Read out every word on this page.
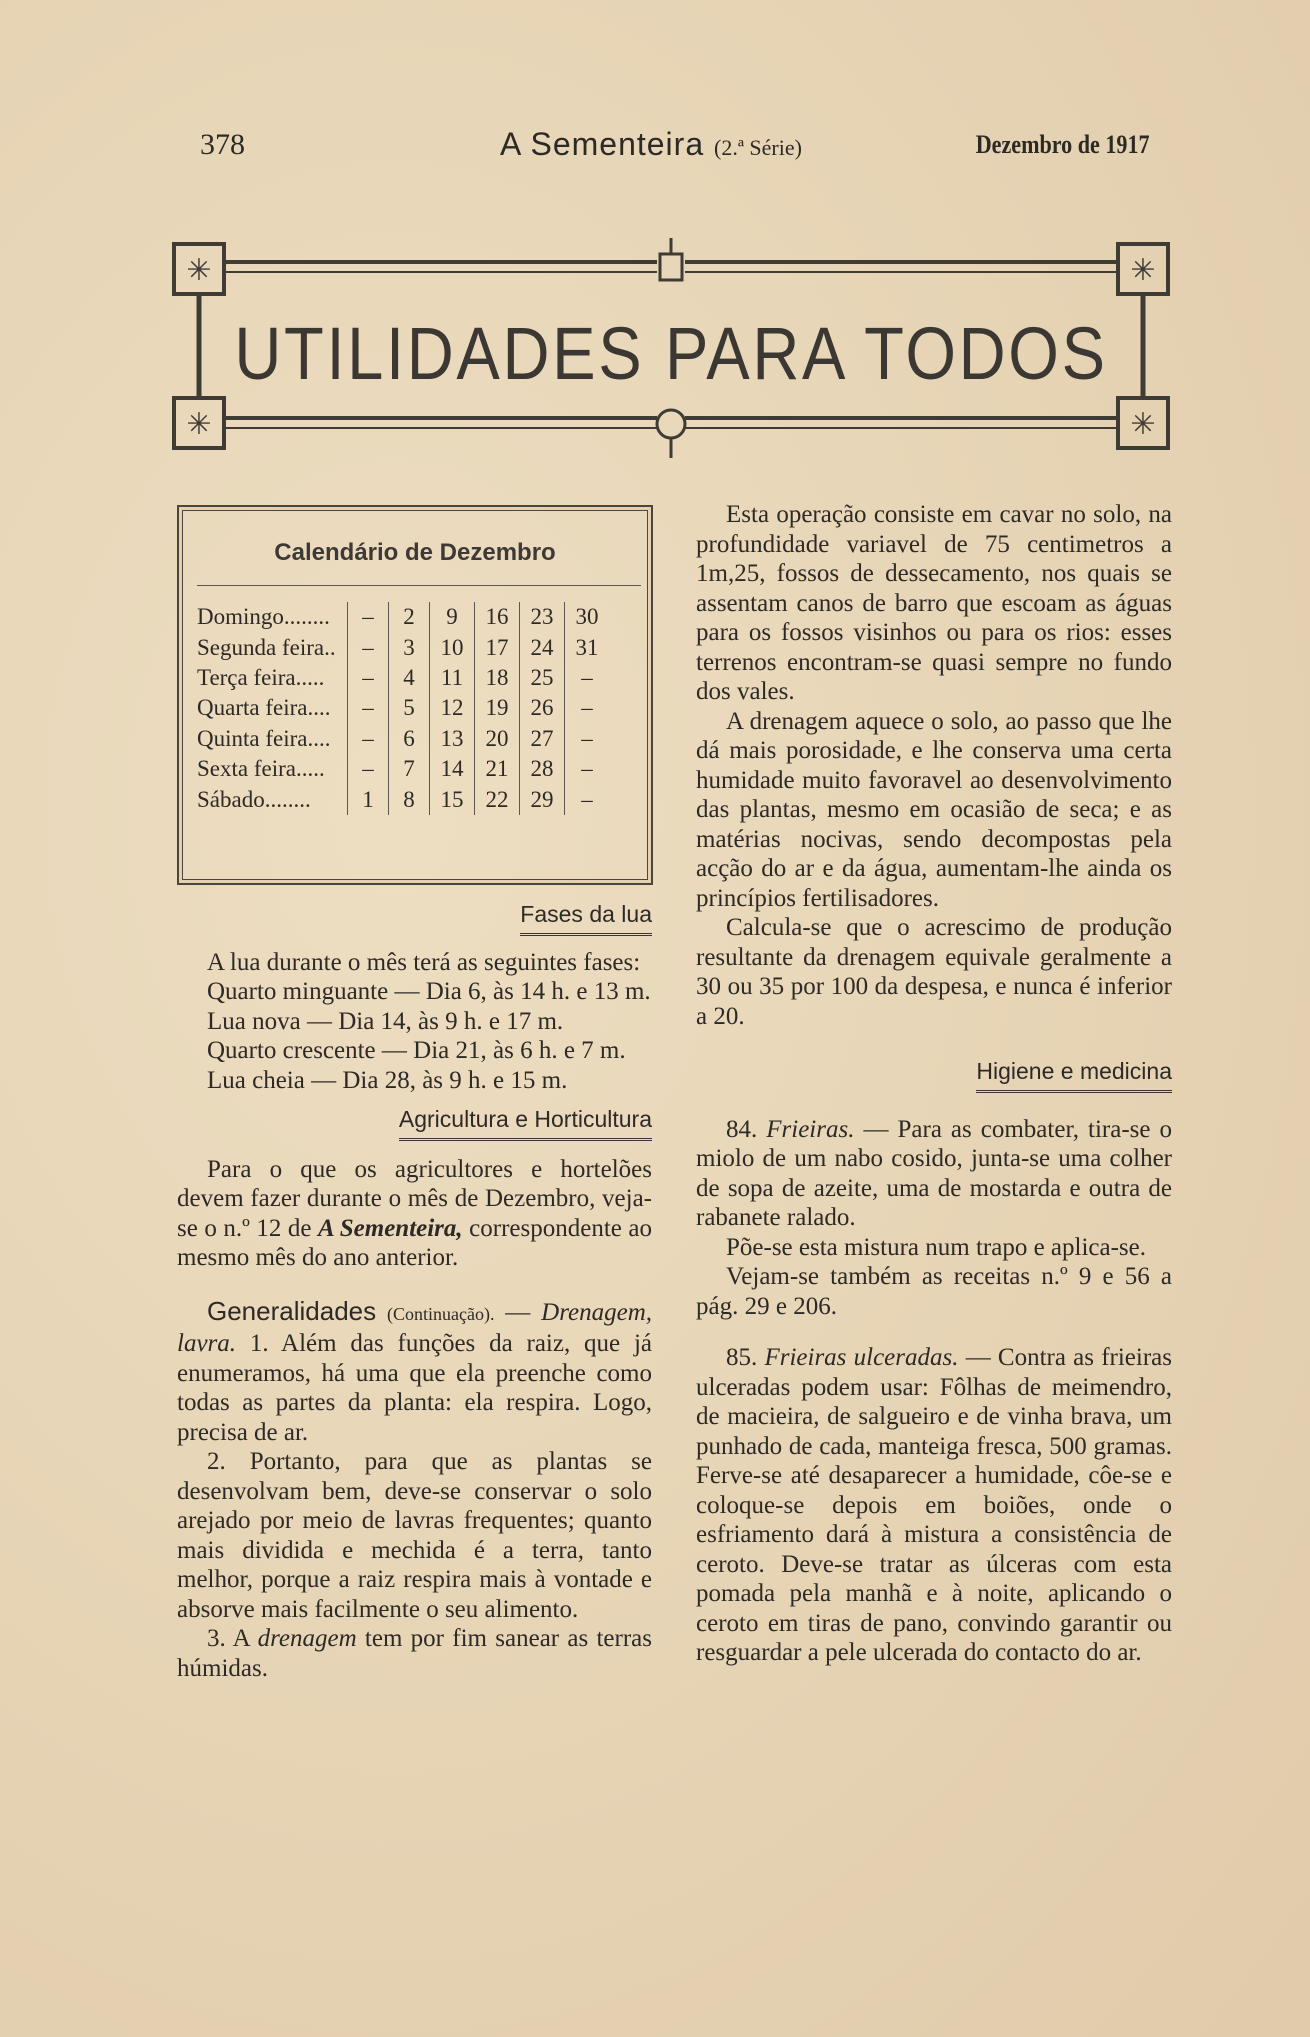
378	A Sementeira (2.ª Série)	Dezembro de 1917
✳	✳
✳	✳
UTILIDADES PARA TODOS
Calendário de Dezembro
Domingo........	–	2	9	16	23	30
Segunda feira..	–	3	10	17	24	31
Terça feira.....	–	4	11	18	25	–
Quarta feira....	–	5	12	19	26	–
Quinta feira....	–	6	13	20	27	–
Sexta feira.....	–	7	14	21	28	–
Sábado........	1	8	15	22	29	–
Fases da lua

A lua durante o mês terá as seguintes fases:

Quarto minguante — Dia 6, às 14 h. e 13 m.

Lua nova — Dia 14, às 9 h. e 17 m.

Quarto crescente — Dia 21, às 6 h. e 7 m.

Lua cheia — Dia 28, às 9 h. e 15 m.

Agricultura e Horticultura

Para o que os agricultores e hortelões devem fazer durante o mês de Dezembro, veja-se o n.º 12 de A Sementeira, correspondente ao mesmo mês do ano anterior.

Generalidades (Continuação). — Drenagem, lavra. 1. Além das funções da raiz, que já enumeramos, há uma que ela preenche como todas as partes da planta: ela respira. Logo, precisa de ar.

2. Portanto, para que as plantas se desenvolvam bem, deve-se conservar o solo arejado por meio de lavras frequentes; quanto mais dividida e mechida é a terra, tanto melhor, porque a raiz respira mais à vontade e absorve mais facilmente o seu alimento.

3. A drenagem tem por fim sanear as terras húmidas.

Esta operação consiste em cavar no solo, na profundidade variavel de 75 centimetros a 1m,25, fossos de dessecamento, nos quais se assentam canos de barro que escoam as águas para os fossos visinhos ou para os rios: esses terrenos encontram-se quasi sempre no fundo dos vales.

A drenagem aquece o solo, ao passo que lhe dá mais porosidade, e lhe conserva uma certa humidade muito favoravel ao desenvolvimento das plantas, mesmo em ocasião de seca; e as matérias nocivas, sendo decompostas pela acção do ar e da água, aumentam-lhe ainda os princípios fertilisadores.

Calcula-se que o acrescimo de produção resultante da drenagem equivale geralmente a 30 ou 35 por 100 da despesa, e nunca é inferior a 20.

Higiene e medicina

84. Frieiras. — Para as combater, tira-se o miolo de um nabo cosido, junta-se uma colher de sopa de azeite, uma de mostarda e outra de rabanete ralado.

Põe-se esta mistura num trapo e aplica-se.

Vejam-se também as receitas n.º 9 e 56 a pág. 29 e 206.

85. Frieiras ulceradas. — Contra as frieiras ulceradas podem usar: Fôlhas de meimendro, de macieira, de salgueiro e de vinha brava, um punhado de cada, manteiga fresca, 500 gramas. Ferve-se até desaparecer a humidade, côe-se e coloque-se depois em boiões, onde o esfriamento dará à mistura a consistência de ceroto. Deve-se tratar as úlceras com esta pomada pela manhã e à noite, aplicando o ceroto em tiras de pano, convindo garantir ou resguardar a pele ulcerada do contacto do ar.
